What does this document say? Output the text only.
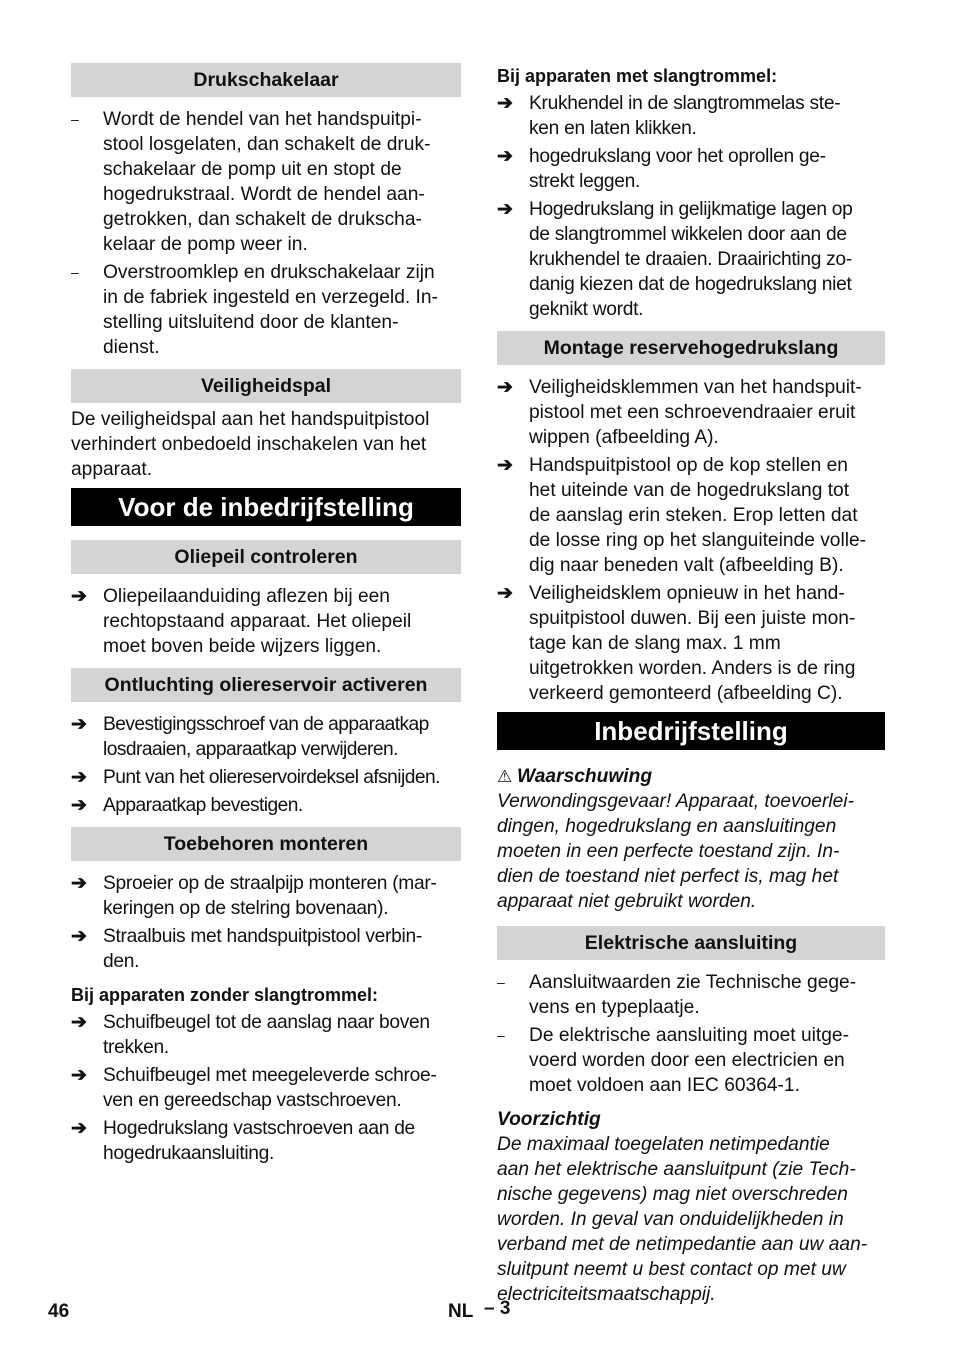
Drukschakelaar
–	Wordt de hendel van het handspuitpi-
stool losgelaten, dan schakelt de druk-
schakelaar de pomp uit en stopt de
hogedrukstraal. Wordt de hendel aan-
getrokken, dan schakelt de drukscha-
kelaar de pomp weer in.
–	Overstroomklep en drukschakelaar zijn
in de fabriek ingesteld en verzegeld. In-
stelling uitsluitend door de klanten-
dienst.
Veiligheidspal
De veiligheidspal aan het handspuitpistool
verhindert onbedoeld inschakelen van het
apparaat.
Voor de inbedrijfstelling
Oliepeil controleren
➔ Oliepeilaanduiding aflezen bij een
rechtopstaand apparaat. Het oliepeil
moet boven beide wijzers liggen.
Ontluchting oliereservoir activeren
➔ Bevestigingsschroef van de apparaatkap
losdraaien, apparaatkap verwijderen.
➔ Punt van het oliereservoirdeksel afsnijden.
➔ Apparaatkap bevestigen.
Toebehoren monteren
➔ Sproeier op de straalpijp monteren (mar-
keringen op de stelring bovenaan).
➔ Straalbuis met handspuitpistool verbin-
den.
Bij apparaten zonder slangtrommel:
➔ Schuifbeugel tot de aanslag naar boven
trekken.
➔ Schuifbeugel met meegeleverde schroe-
ven en gereedschap vastschroeven.
➔ Hogedrukslang vastschroeven aan de
hogedrukaansluiting.
Bij apparaten met slangtrommel:
➔ Krukhendel in de slangtrommelas ste-
ken en laten klikken.
➔ hogedrukslang voor het oprollen ge-
strekt leggen.
➔ Hogedrukslang in gelijkmatige lagen op
de slangtrommel wikkelen door aan de
krukhendel te draaien. Draairichting zo-
danig kiezen dat de hogedrukslang niet
geknikt wordt.
Montage reservehogedrukslang
➔ Veiligheidsklemmen van het handspuit-
pistool met een schroevendraaier eruit
wippen (afbeelding A).
➔ Handspuitpistool op de kop stellen en
het uiteinde van de hogedrukslang tot
de aanslag erin steken. Erop letten dat
de losse ring op het slanguiteinde volle-
dig naar beneden valt (afbeelding B).
➔ Veiligheidsklem opnieuw in het hand-
spuitpistool duwen. Bij een juiste mon-
tage kan de slang max. 1 mm
uitgetrokken worden. Anders is de ring
verkeerd gemonteerd (afbeelding C).
Inbedrijfstelling
⚠ Waarschuwing
Verwondingsgevaar! Apparaat, toevoerlei-
dingen, hogedrukslang en aansluitingen
moeten in een perfecte toestand zijn. In-
dien de toestand niet perfect is, mag het
apparaat niet gebruikt worden.
Elektrische aansluiting
–	Aansluitwaarden zie Technische gege-
vens en typeplaatje.
–	De elektrische aansluiting moet uitge-
voerd worden door een electricien en
moet voldoen aan IEC 60364-1.
Voorzichtig
De maximaal toegelaten netimpedantie
aan het elektrische aansluitpunt (zie Tech-
nische gegevens) mag niet overschreden
worden. In geval van onduidelijkheden in
verband met de netimpedantie aan uw aan-
sluitpunt neemt u best contact op met uw
electriciteitsmaatschappij.
46	NL – 3
